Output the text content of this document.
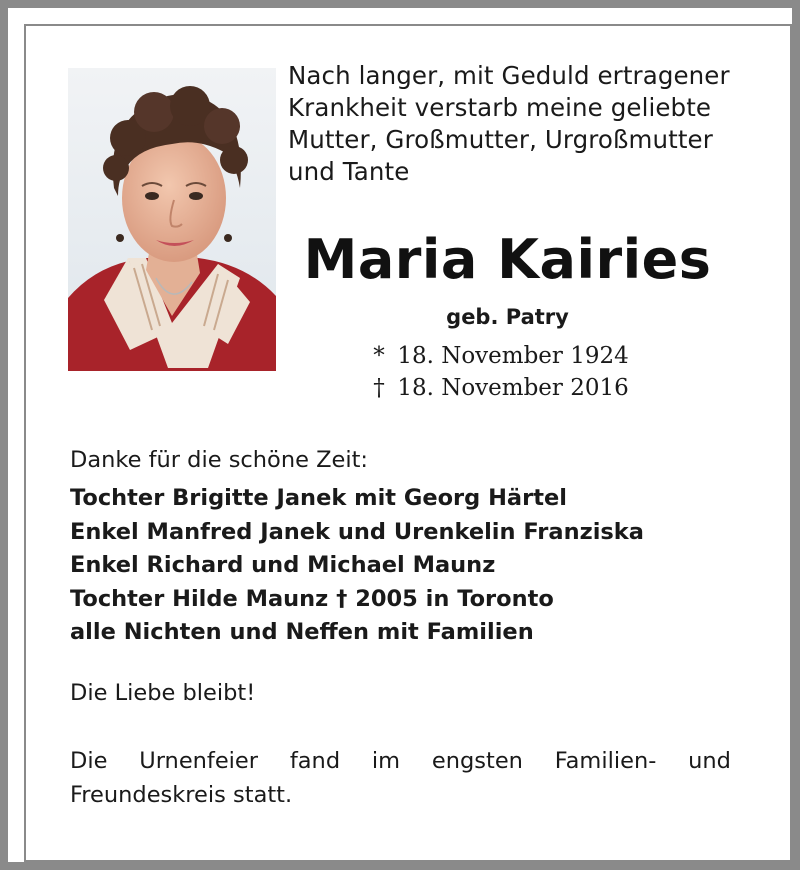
Nach langer, mit Geduld ertragener
Krankheit verstarb meine geliebte
Mutter, Großmutter, Urgroßmutter
und Tante
Maria Kairies
geb. Patry
* 18. November 1924
† 18. November 2016
Danke für die schöne Zeit:
Tochter Brigitte Janek mit Georg Härtel
Enkel Manfred Janek und Urenkelin Franziska
Enkel Richard und Michael Maunz
Tochter Hilde Maunz † 2005 in Toronto
alle Nichten und Neffen mit Familien
Die Liebe bleibt!
Die Urnenfeier fand im engsten Familien- und
Freundeskreis statt.
